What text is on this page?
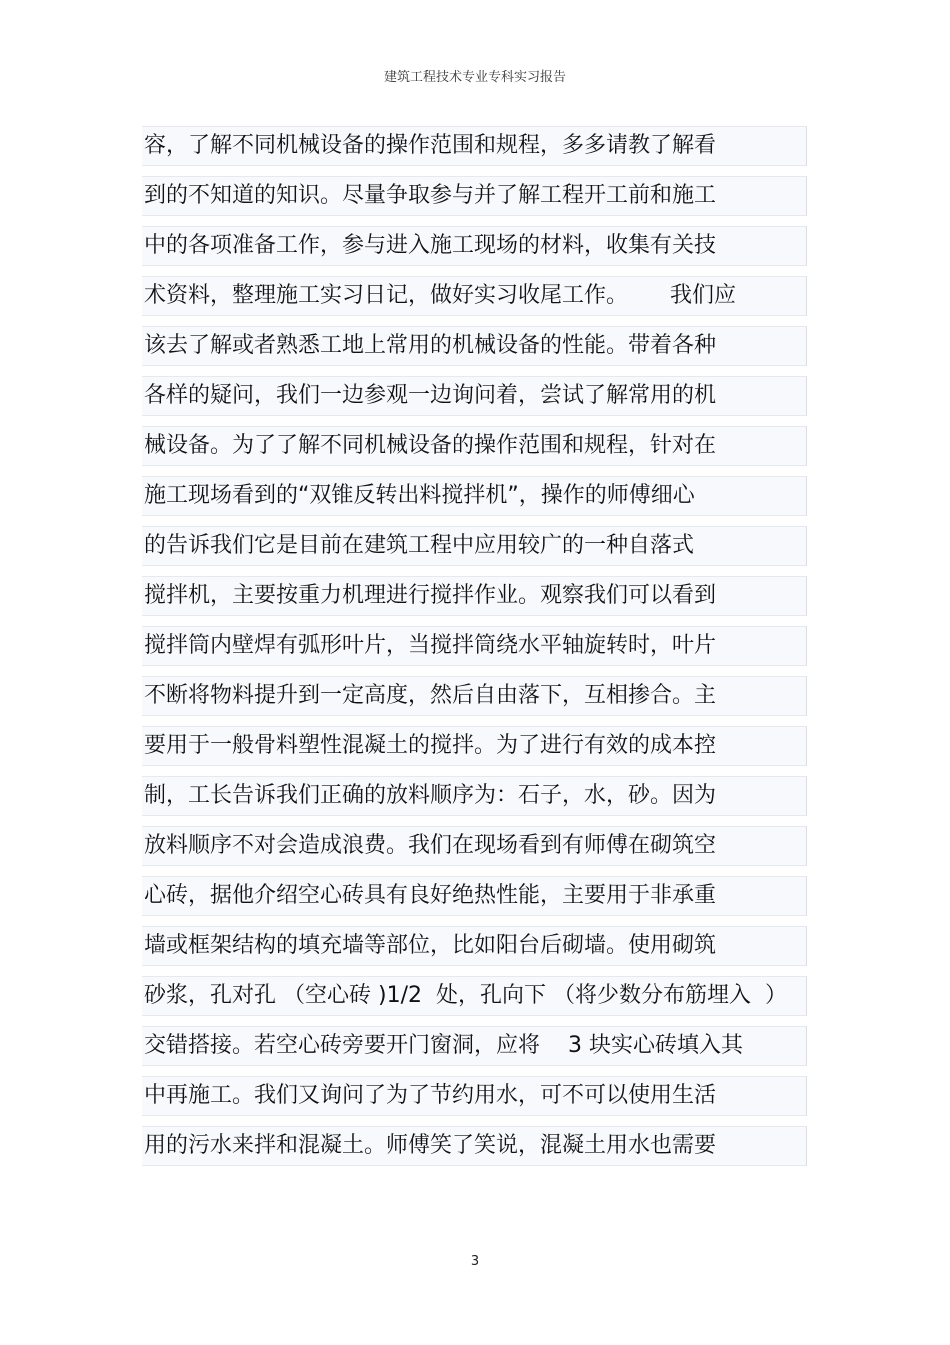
建筑工程技术专业专科实习报告
容，了解不同机械设备的操作范围和规程，多多请教了解看
到的不知道的知识。尽量争取参与并了解工程开工前和施工
中的各项准备工作，参与进入施工现场的材料，收集有关技
术资料，整理施工实习日记，做好实习收尾工作。      我们应
该去了解或者熟悉工地上常用的机械设备的性能。带着各种
各样的疑问，我们一边参观一边询问着，尝试了解常用的机
械设备。为了了解不同机械设备的操作范围和规程，针对在
施工现场看到的“双锥反转出料搅拌机”，操作的师傅细心
的告诉我们它是目前在建筑工程中应用较广的一种自落式
搅拌机，主要按重力机理进行搅拌作业。观察我们可以看到
搅拌筒内壁焊有弧形叶片，当搅拌筒绕水平轴旋转时，叶片
不断将物料提升到一定高度，然后自由落下，互相掺合。主
要用于一般骨料塑性混凝土的搅拌。为了进行有效的成本控
制，工长告诉我们正确的放料顺序为：石子，水，砂。因为
放料顺序不对会造成浪费。我们在现场看到有师傅在砌筑空
心砖，据他介绍空心砖具有良好绝热性能，主要用于非承重
墙或框架结构的填充墙等部位，比如阳台后砌墙。使用砌筑
砂浆，孔对孔 （空心砖 )1/2  处，孔向下 （将少数分布筋埋入  ）
交错搭接。若空心砖旁要开门窗洞，应将    3 块实心砖填入其
中再施工。我们又询问了为了节约用水，可不可以使用生活
用的污水来拌和混凝土。师傅笑了笑说，混凝土用水也需要
3
